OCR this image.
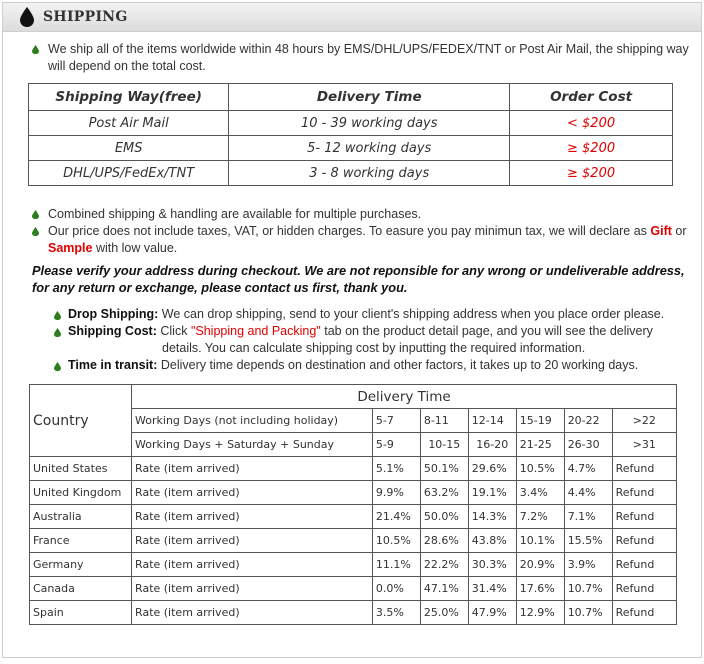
SHIPPING
We ship all of the items worldwide within 48 hours by EMS/DHL/UPS/FEDEX/TNT or Post Air Mail, the shipping way will depend on the total cost.
Shipping Way(free)	Delivery Time	Order Cost
Post Air Mail	10 - 39 working days	< $200
EMS	5- 12 working days	≥ $200
DHL/UPS/FedEx/TNT	3 - 8 working days	≥ $200
Combined shipping & handling are available for multiple purchases.
Our price does not include taxes, VAT, or hidden charges. To easure you pay minimun tax, we will declare as Gift or Sample with low value.
Please verify your address during checkout. We are not reponsible for any wrong or undeliverable address, for any return or exchange, please contact us first, thank you.
Drop Shipping: We can drop shipping, send to your client's shipping address when you place order please.
Shipping Cost: Click "Shipping and Packing" tab on the product detail page, and you will see the delivery
details. You can calculate shipping cost by inputting the required information.
Time in transit: Delivery time depends on destination and other factors, it takes up to 20 working days.
Country	Delivery Time						
	Working Days (not including holiday)	5-7	8-11	12-14	15-19	20-22	>22
	Working Days + Saturday + Sunday	5-9	10-15	16-20	21-25	26-30	>31
United States	Rate (item arrived)	5.1%	50.1%	29.6%	10.5%	4.7%	Refund
United Kingdom	Rate (item arrived)	9.9%	63.2%	19.1%	3.4%	4.4%	Refund
Australia	Rate (item arrived)	21.4%	50.0%	14.3%	7.2%	7.1%	Refund
France	Rate (item arrived)	10.5%	28.6%	43.8%	10.1%	15.5%	Refund
Germany	Rate (item arrived)	11.1%	22.2%	30.3%	20.9%	3.9%	Refund
Canada	Rate (item arrived)	0.0%	47.1%	31.4%	17.6%	10.7%	Refund
Spain	Rate (item arrived)	3.5%	25.0%	47.9%	12.9%	10.7%	Refund
